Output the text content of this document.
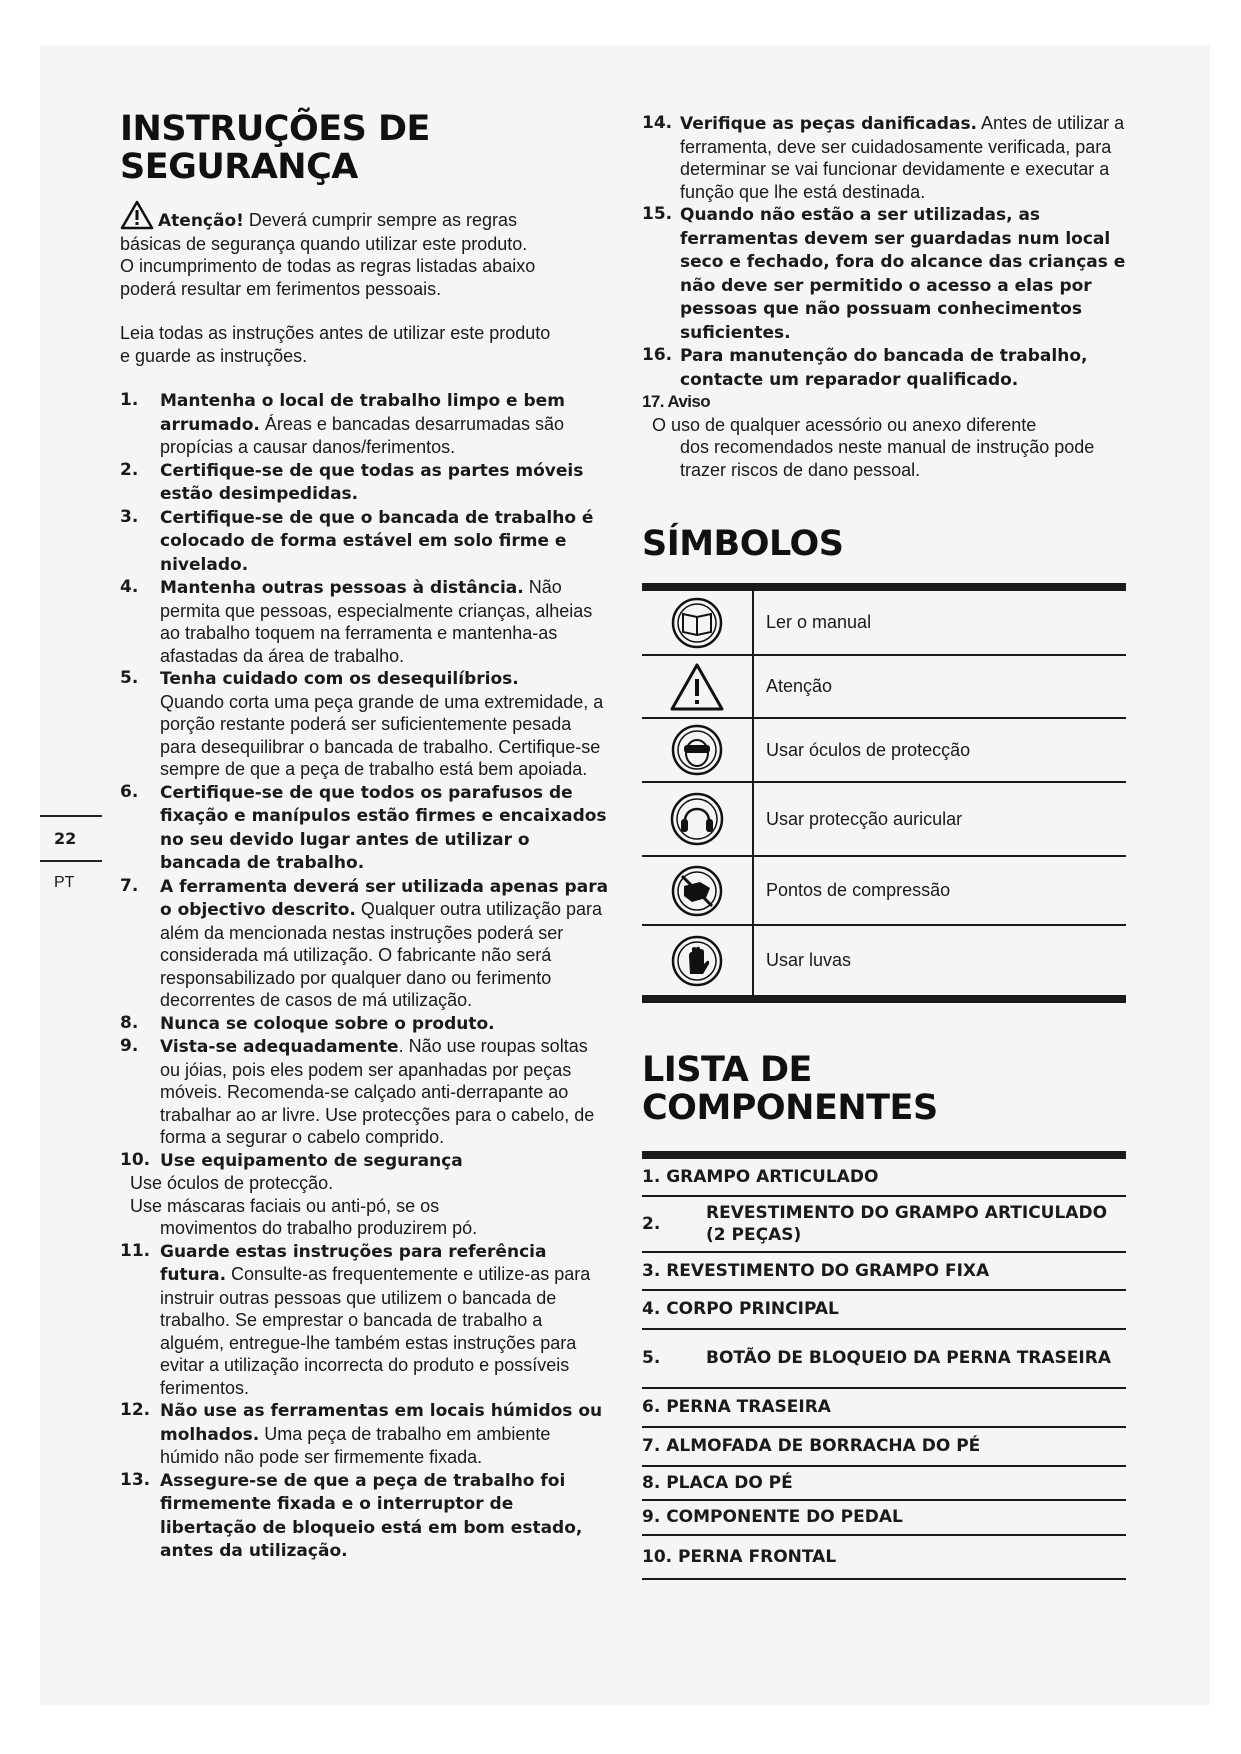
INSTRUÇÕES DE
SEGURANÇA
Atenção! Deverá cumprir sempre as regras
básicas de segurança quando utilizar este produto.
O incumprimento de todas as regras listadas abaixo
poderá resultar em ferimentos pessoais.
Leia todas as instruções antes de utilizar este produto
e guarde as instruções.
1. Mantenha o local de trabalho limpo e bem arrumado. Áreas e bancadas desarrumadas são propícias a causar danos/ferimentos.
2. Certifique-se de que todas as partes móveis estão desimpedidas.
3. Certifique-se de que o bancada de trabalho é colocado de forma estável em solo firme e nivelado.
4. Mantenha outras pessoas à distância. Não permita que pessoas, especialmente crianças, alheias ao trabalho toquem na ferramenta e mantenha-as afastadas da área de trabalho.
5. Tenha cuidado com os desequilíbrios.
Quando corta uma peça grande de uma extremidade, a porção restante poderá ser suficientemente pesada para desequilibrar o bancada de trabalho. Certifique-se sempre de que a peça de trabalho está bem apoiada.
6. Certifique-se de que todos os parafusos de fixação e manípulos estão firmes e encaixados no seu devido lugar antes de utilizar o bancada de trabalho.
7. A ferramenta deverá ser utilizada apenas para o objectivo descrito. Qualquer outra utilização para além da mencionada nestas instruções poderá ser considerada má utilização. O fabricante não será responsabilizado por qualquer dano ou ferimento decorrentes de casos de má utilização.
8. Nunca se coloque sobre o produto.
9. Vista-se adequadamente. Não use roupas soltas ou jóias, pois eles podem ser apanhadas por peças móveis. Recomenda-se calçado anti-derrapante ao trabalhar ao ar livre. Use protecções para o cabelo, de forma a segurar o cabelo comprido.
10. Use equipamento de segurança
Use óculos de protecção.
Use máscaras faciais ou anti-pó, se os
movimentos do trabalho produzirem pó.
11. Guarde estas instruções para referência futura. Consulte-as frequentemente e utilize-as para instruir outras pessoas que utilizem o bancada de trabalho. Se emprestar o bancada de trabalho a alguém, entregue-lhe também estas instruções para evitar a utilização incorrecta do produto e possíveis ferimentos.
12. Não use as ferramentas em locais húmidos ou molhados. Uma peça de trabalho em ambiente húmido não pode ser firmemente fixada.
13. Assegure-se de que a peça de trabalho foi firmemente fixada e o interruptor de libertação de bloqueio está em bom estado, antes da utilização.
22
PT
14. Verifique as peças danificadas. Antes de utilizar a ferramenta, deve ser cuidadosamente verificada, para determinar se vai funcionar devidamente e executar a função que lhe está destinada.
15. Quando não estão a ser utilizadas, as ferramentas devem ser guardadas num local seco e fechado, fora do alcance das crianças e não deve ser permitido o acesso a elas por pessoas que não possuam conhecimentos suficientes.
16. Para manutenção do bancada de trabalho, contacte um reparador qualificado.
17. Aviso
O uso de qualquer acessório ou anexo diferente
dos recomendados neste manual de instrução pode trazer riscos de dano pessoal.
SÍMBOLOS
Ler o manual
Atenção
Usar óculos de protecção
Usar protecção auricular
Pontos de compressão
Usar luvas
LISTA DE
COMPONENTES
1. GRAMPO ARTICULADO
2.
REVESTIMENTO DO GRAMPO ARTICULADO (2 PEÇAS)
3. REVESTIMENTO DO GRAMPO FIXA
4. CORPO PRINCIPAL
5.	BOTÃO DE BLOQUEIO DA PERNA TRASEIRA
6. PERNA TRASEIRA
7. ALMOFADA DE BORRACHA DO PÉ
8. PLACA DO PÉ
9. COMPONENTE DO PEDAL
10. PERNA FRONTAL
